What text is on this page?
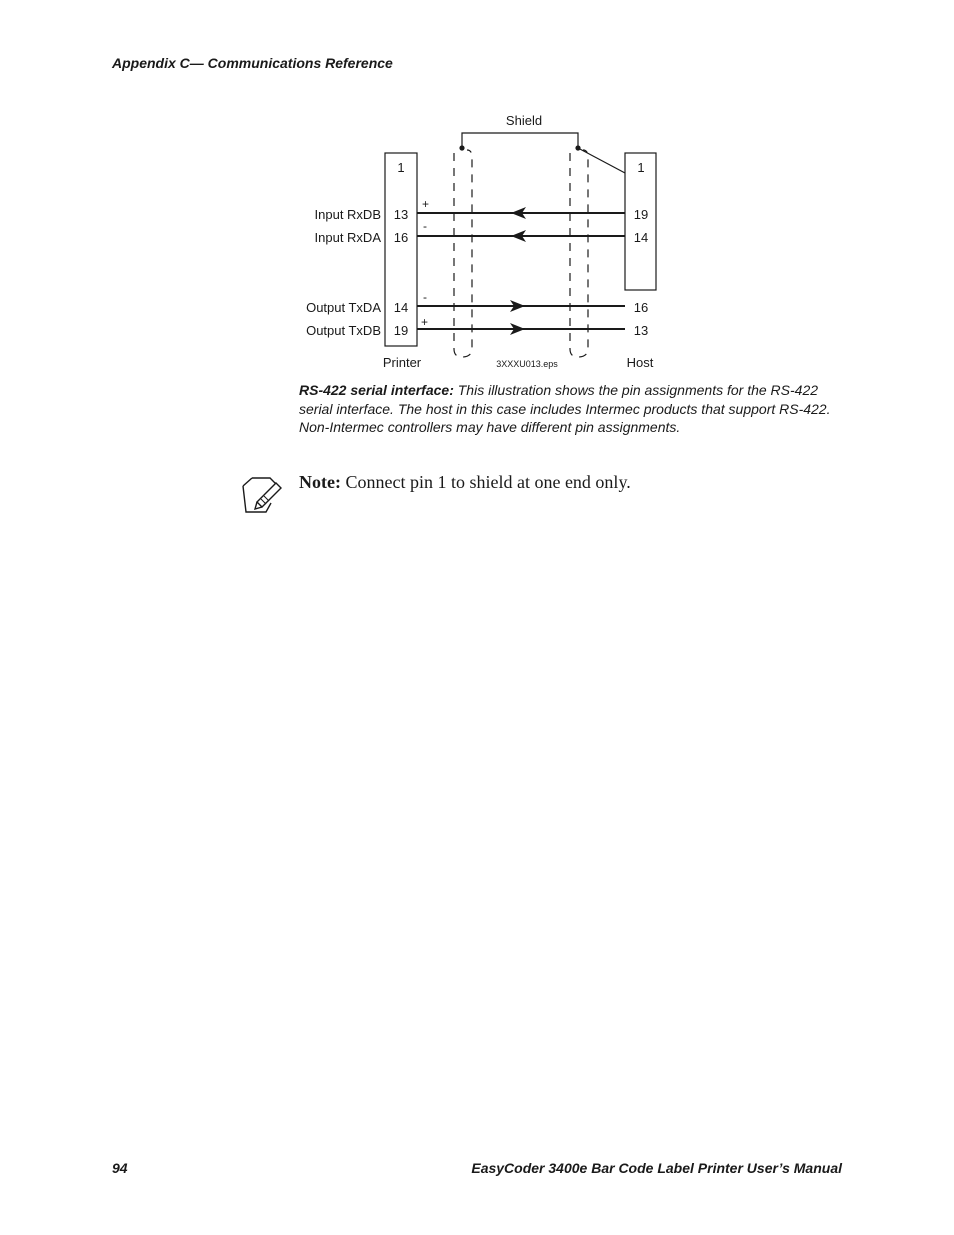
Appendix C— Communications Reference
Shield
1	1
Input RxDB 13
+
19
Input RxDA 16
-
14
Output TxDA 14
-
16
Output TxDB 19
+
13
Printer	3XXXU013.eps	Host
RS-422 serial interface: This illustration shows the pin assignments for the RS-422 serial interface. The host in this case includes Intermec products that support RS-422. Non-Intermec controllers may have different pin assignments.
Note: Connect pin 1 to shield at one end only.
94	EasyCoder 3400e Bar Code Label Printer User’s Manual
